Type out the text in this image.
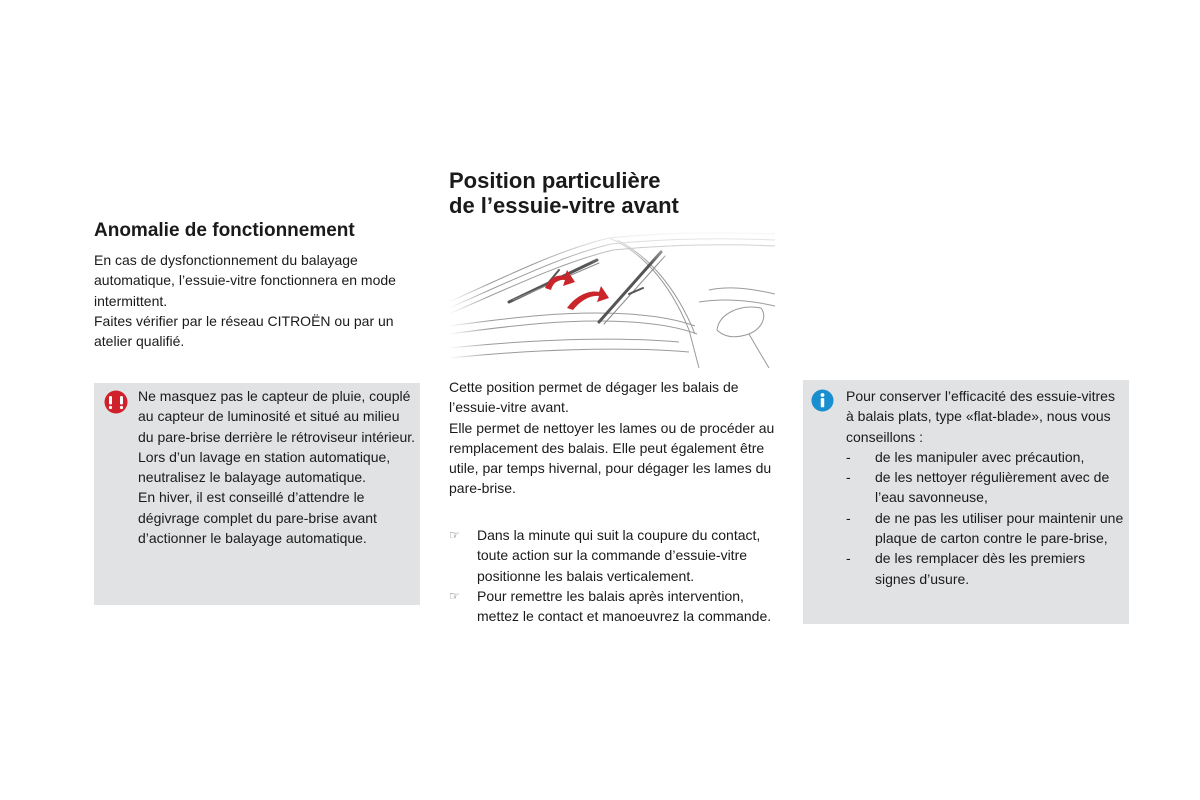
Anomalie de fonctionnement

En cas de dysfonctionnement du balayage automatique, l’essuie-vitre fonctionnera en mode intermittent.

Faites vérifier par le réseau CITROËN ou par un atelier qualifié.

Ne masquez pas le capteur de pluie, couplé au capteur de luminosité et situé au milieu du pare-brise derrière le rétroviseur intérieur.

Lors d’un lavage en station automatique, neutralisez le balayage automatique.

En hiver, il est conseillé d’attendre le dégivrage complet du pare-brise avant d’actionner le balayage automatique.

Position particulière
de l’essuie-vitre avant

Cette position permet de dégager les balais de l’essuie-vitre avant.

Elle permet de nettoyer les lames ou de procéder au remplacement des balais. Elle peut également être utile, par temps hivernal, pour dégager les lames du pare-brise.

☞ Dans la minute qui suit la coupure du contact, toute action sur la commande d’essuie-vitre positionne les balais verticalement.
☞ Pour remettre les balais après intervention, mettez le contact et manoeuvrez la commande.

Pour conserver l’efficacité des essuie-vitres à balais plats, type «flat-blade», nous vous conseillons :

- de les manipuler avec précaution,
- de les nettoyer régulièrement avec de l’eau savonneuse,
- de ne pas les utiliser pour maintenir une plaque de carton contre le pare-brise,
- de les remplacer dès les premiers signes d’usure.
